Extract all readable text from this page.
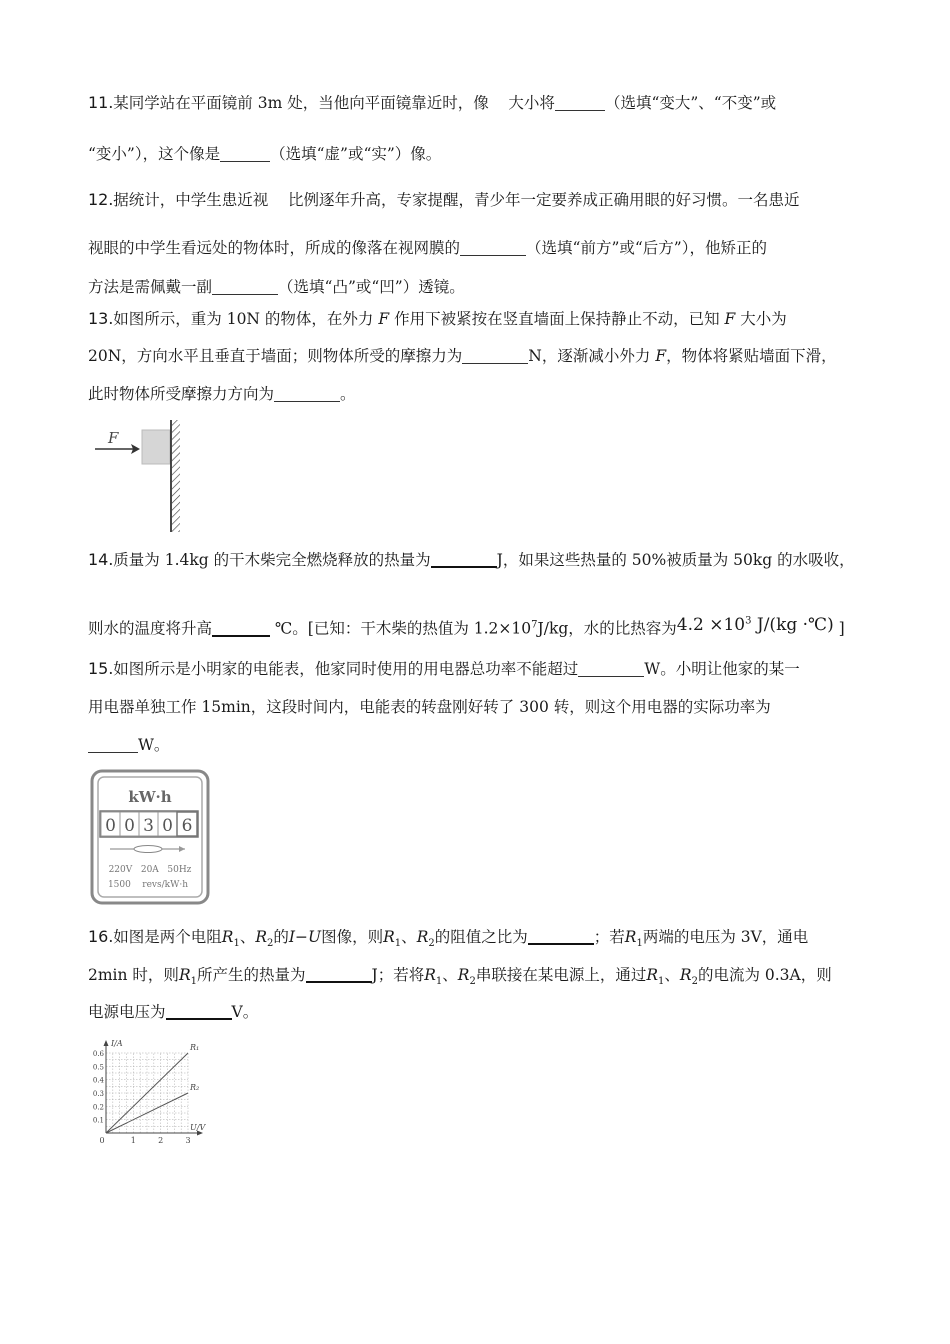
11.某同学站在平面镜前 3m 处，当他向平面镜靠近时，像 大小将	（选填“变大”、“不变”或
“变小”），这个像是	（选填“虚”或“实”）像。
12.据统计，中学生患近视 比例逐年升高，专家提醒，青少年一定要养成正确用眼的好习惯。一名患近
视眼的中学生看远处的物体时，所成的像落在视网膜的	（选填“前方”或“后方”），他矫正的
方法是需佩戴一副	（选填“凸”或“凹”）透镜。
13.如图所示，重为 10N 的物体，在外力 F 作用下被紧按在竖直墙面上保持静止不动，已知 F 大小为
20N，方向水平且垂直于墙面；则物体所受的摩擦力为	N，逐渐减小外力 F，物体将紧贴墙面下滑，
此时物体所受摩擦力方向为	。
F
14.质量为 1.4kg 的干木柴完全燃烧释放的热量为	J，如果这些热量的 50%被质量为 50kg 的水吸收，
则水的温度将升高	℃。[已知：干木柴的热值为 $1.2\times 10^7J/kg$，水的比热容为$4.2 \times 10^3$ J/(kg ·℃) ]
15.如图所示是小明家的电能表，他家同时使用的用电器总功率不能超过	W。小明让他家的某一
用电器单独工作 15min，这段时间内，电能表的转盘刚好转了 300 转，则这个用电器的实际功率为
W。
kW·h
0 0 3 0 6
220V   20A   50Hz
1500    revs/kW·h
16.如图是两个电阻$R_1$、$R_2$的I−U图像，则$R_1$、$R_2$的阻值之比为	；若$R_1$两端的电压为 3V，通电
2min 时，则$R_1$所产生的热量为	J；若将$R_1$、$R_2$串联接在某电源上，通过$R_1$、$R_2$的电流为 0.3A，则
电源电压为	V。
I/A
U/V
0	1	2	3
0.1
0.2
0.3
0.4
0.5
0.6
R₁
R₂
